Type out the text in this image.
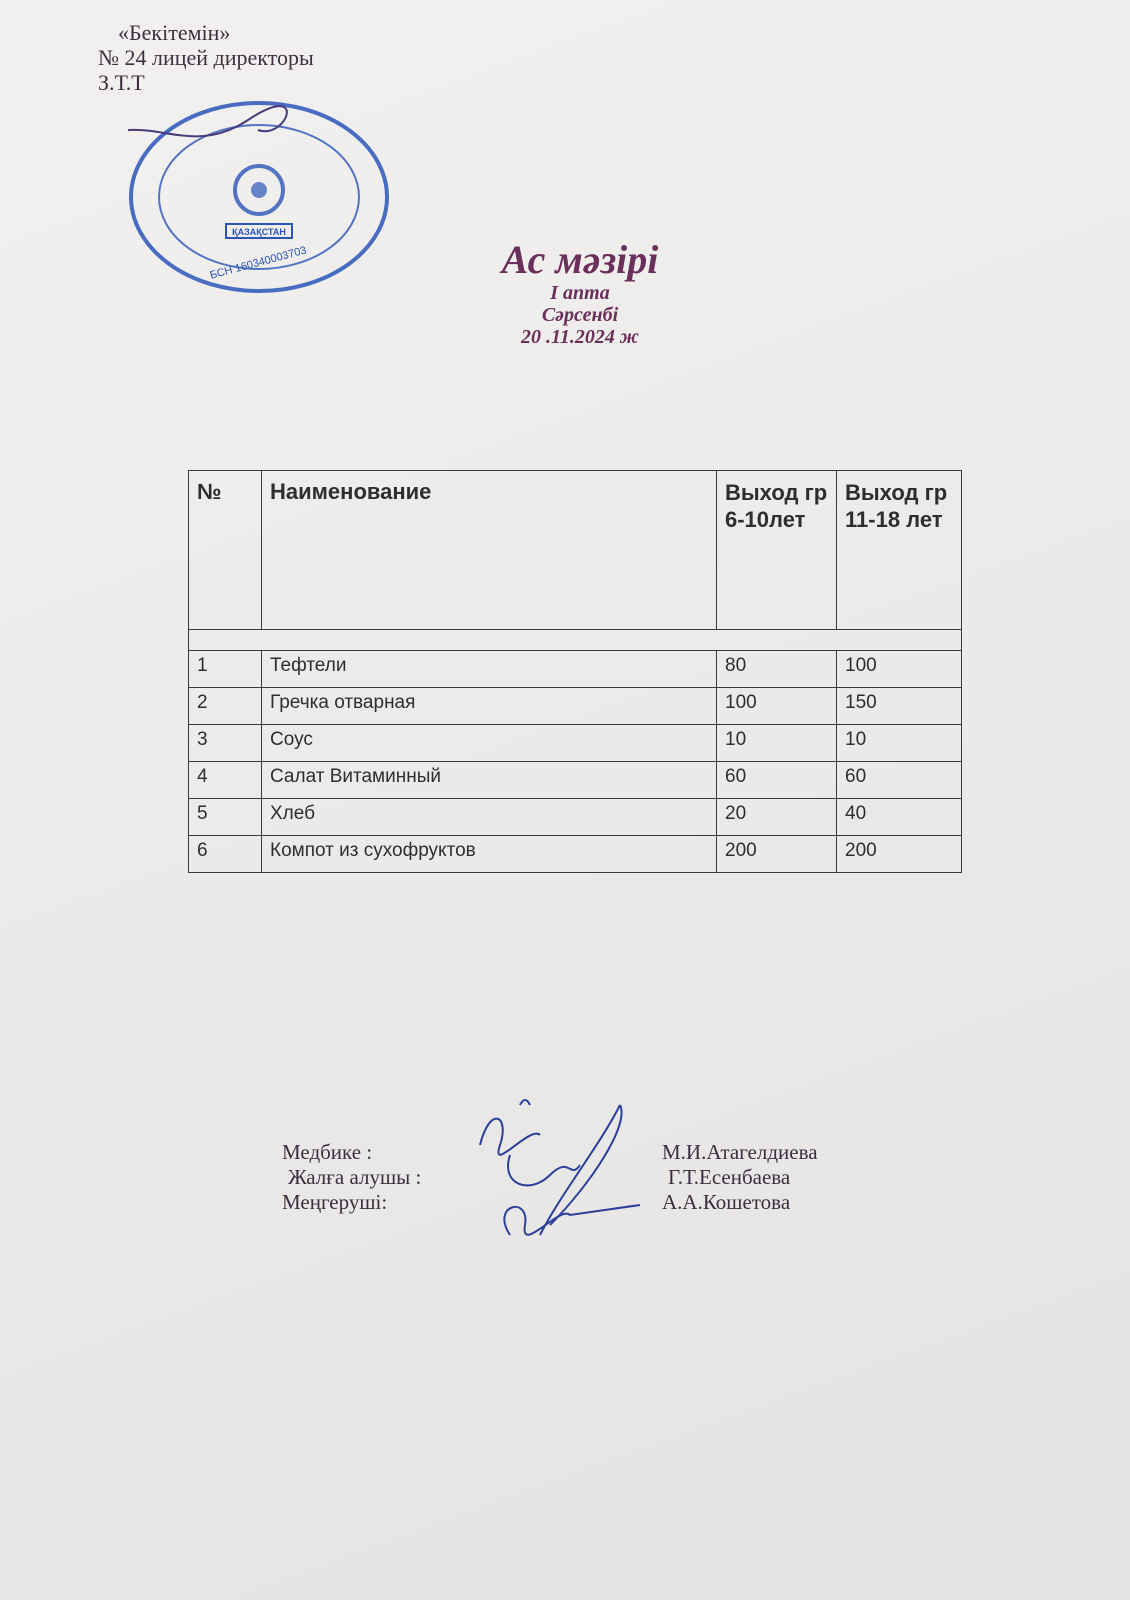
«Бекітемін»
№ 24 лицей директоры
З.Т.Т
ҚАЗАҚСТАН
БСН 160340003703	Ас мәзірі
I апта
Сәрсенбі
20 .11.2024 ж
№	Наименование	Выход гр 6-10лет	Выход гр 11-18 лет

1	Тефтели	80	100
2	Гречка отварная	100	150
3	Соус	10	10
4	Салат Витаминный	60	60
5	Хлеб	20	40
6	Компот из сухофруктов	200	200
Медбике :	М.И.Атагелдиева
Жалға алушы :	Г.Т.Есенбаева
Меңгеруші:	А.А.Кошетова
